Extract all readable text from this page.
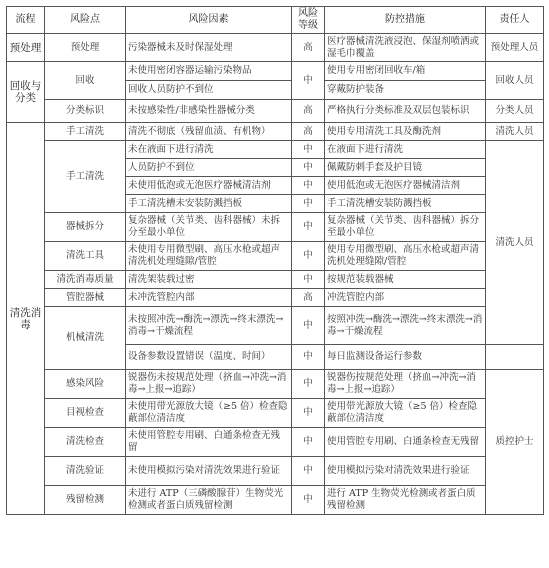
流程	风险点	风险因素	风险等级	防控措施	责任人	
预处理	预处理	污染器械未及时保湿处理	高	医疗器械清洗液浸泡、保湿剂喷洒或湿毛巾覆盖	预处理人员	
回收与分类	回收	未使用密闭容器运输污染物品	中	使用专用密闭回收车/箱	回收人员	
		回收人员防护不到位		穿戴防护装备		
	分类标识	未按感染性/非感染性器械分类	高	严格执行分类标准及双层包装标识	分类人员	
清洗消毒	手工清洗	清洗不彻底（残留血渍、有机物）	高	使用专用清洗工具及酶洗剂	清洗人员	
	手工清洗	未在液面下进行清洗	中	在液面下进行清洗	清洗人员	
		人员防护不到位	中	佩戴防刺手套及护目镜		
		未使用低泡或无泡医疗器械清洁剂	中	使用低泡或无泡医疗器械清洁剂		
		手工清洗槽未安装防溅挡板	中	手工清洗槽安装防溅挡板		
	器械拆分	复杂器械（关节类、齿科器械）未拆分至最小单位	中	复杂器械（关节类、齿科器械）拆分至最小单位		
	清洗工具	未使用专用微型刷、高压水枪或超声清洗机处理缝隙/管腔	中	使用专用微型刷、高压水枪或超声清洗机处理缝隙/管腔		
	清洗消毒质量	清洗架装载过密	中	按规范装载器械		
	管腔器械	未冲洗管腔内部	高	冲洗管腔内部		
	机械清洗	未按照冲洗→酶洗→漂洗→终末漂洗→消毒→干燥流程	中	按照冲洗→酶洗→漂洗→终末漂洗→消毒→干燥流程	
		设备参数设置错误（温度、时间）	中	每日监测设备运行参数		
	感染风险	锐器伤未按规范处理（挤血→冲洗→消毒→上报→追踪）	中	锐器伤按规范处理（挤血→冲洗→消毒→上报→追踪）	质控护士	
	目视检查	未使用带光源放大镜（≥5 倍）检查隐蔽部位清洁度	中	使用带光源放大镜（≥5 倍）检查隐蔽部位清洁度		
	清洗检查	未使用管腔专用刷、白通条检查无残留	中	使用管腔专用刷、白通条检查无残留		
	清洗验证	未使用模拟污染对清洗效果进行验证	中	使用模拟污染对清洗效果进行验证		
	残留检测	未进行 ATP（三磷酸腺苷）生物荧光检测或者蛋白质残留检测	中	进行 ATP 生物荧光检测或者蛋白质残留检测		
